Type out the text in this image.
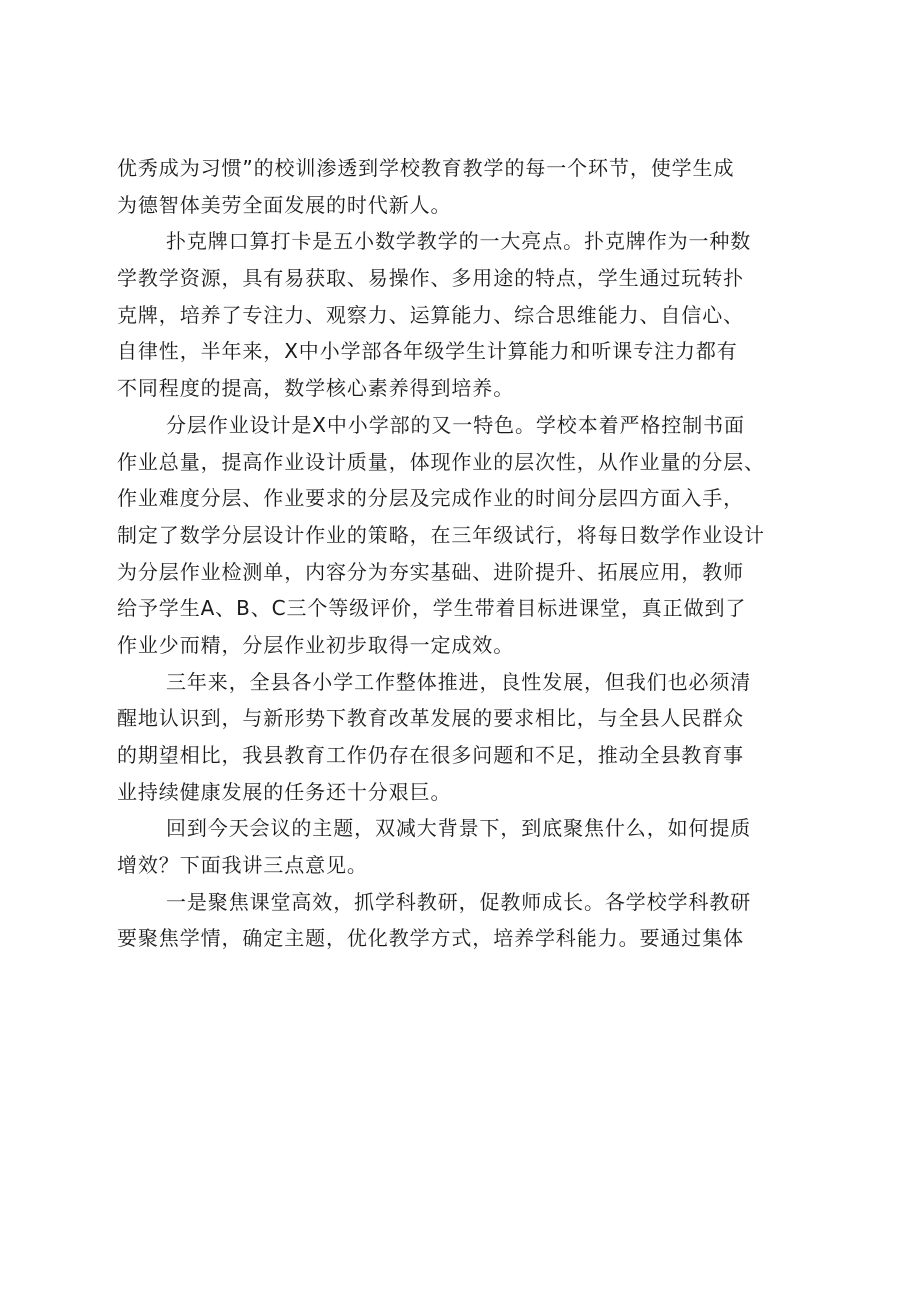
优秀成为习惯”的校训渗透到学校教育教学的每一个环节，使学生成
为德智体美劳全面发展的时代新人。
扑克牌口算打卡是五小数学教学的一大亮点。扑克牌作为一种数
学教学资源，具有易获取、易操作、多用途的特点，学生通过玩转扑
克牌，培养了专注力、观察力、运算能力、综合思维能力、自信心、
自律性，半年来，X中小学部各年级学生计算能力和听课专注力都有
不同程度的提高，数学核心素养得到培养。
分层作业设计是X中小学部的又一特色。学校本着严格控制书面
作业总量，提高作业设计质量，体现作业的层次性，从作业量的分层、
作业难度分层、作业要求的分层及完成作业的时间分层四方面入手，
制定了数学分层设计作业的策略，在三年级试行，将每日数学作业设计
为分层作业检测单，内容分为夯实基础、进阶提升、拓展应用，教师
给予学生A、B、C三个等级评价，学生带着目标进课堂，真正做到了
作业少而精，分层作业初步取得一定成效。
三年来，全县各小学工作整体推进，良性发展，但我们也必须清
醒地认识到，与新形势下教育改革发展的要求相比，与全县人民群众
的期望相比，我县教育工作仍存在很多问题和不足，推动全县教育事
业持续健康发展的任务还十分艰巨。
回到今天会议的主题，双减大背景下，到底聚焦什么，如何提质
增效？下面我讲三点意见。
一是聚焦课堂高效，抓学科教研，促教师成长。各学校学科教研
要聚焦学情，确定主题，优化教学方式，培养学科能力。要通过集体
